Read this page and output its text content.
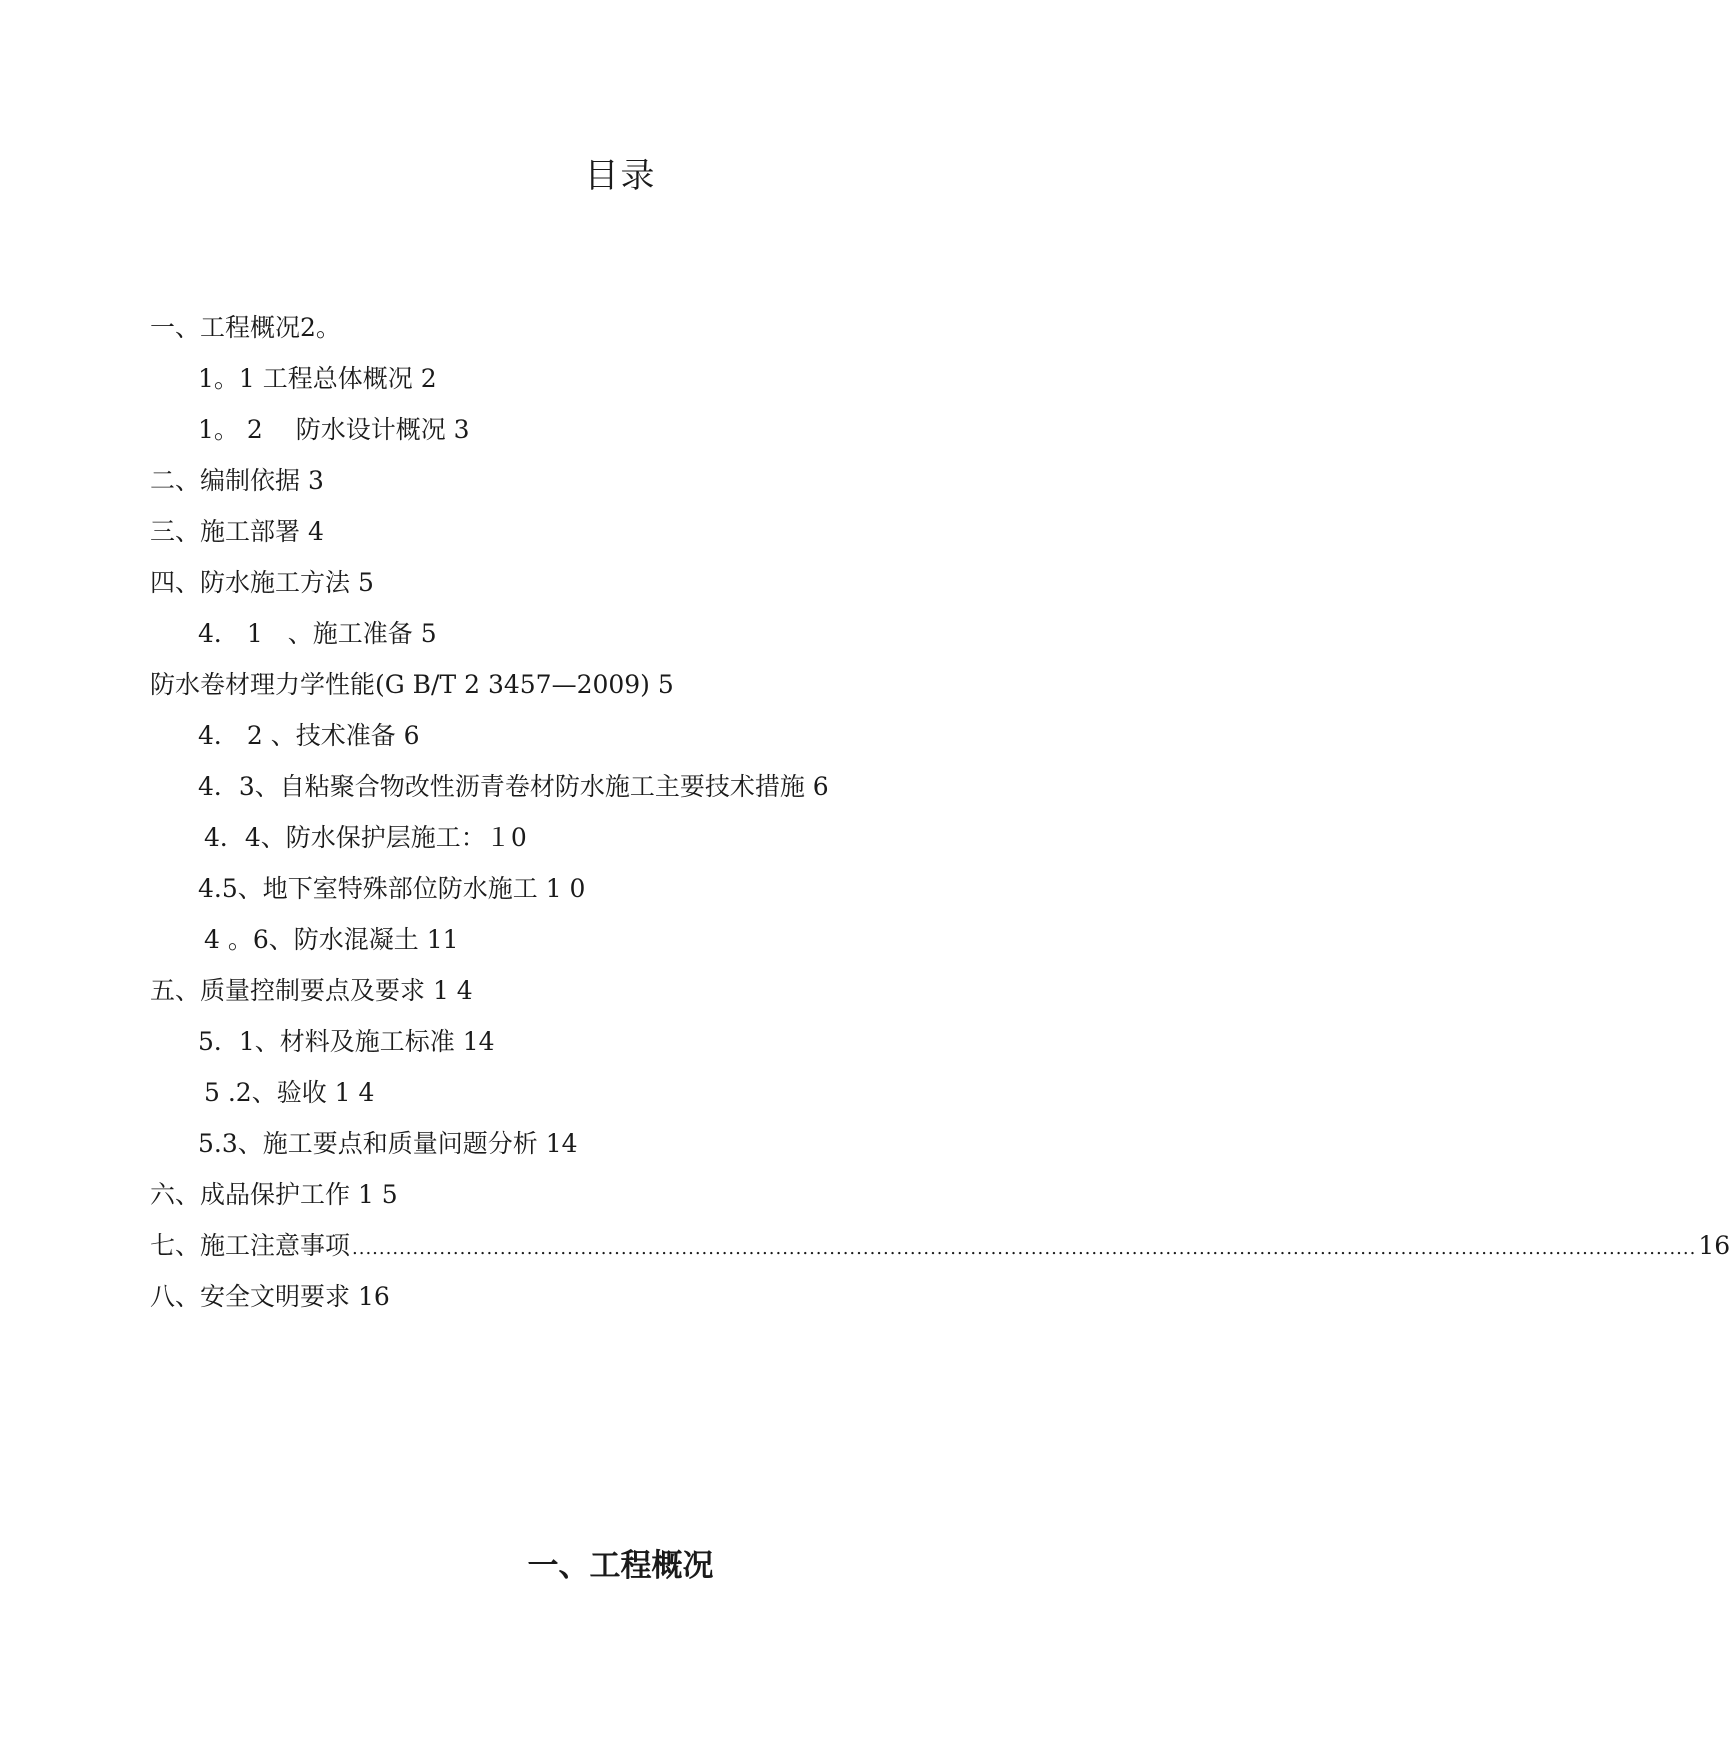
目录
一、工程概况2。
1。1 工程总体概况 2
1。 2　 防水设计概况 3
二、编制依据 3
三、施工部署 4
四、防水施工方法 5
4． 1　、施工准备 5
防水卷材理力学性能(G B/T 2 3457—2009) 5
4． 2 、技术准备 6
4．3、自粘聚合物改性沥青卷材防水施工主要技术措施 6
4．4、防水保护层施工：１0
4.5、地下室特殊部位防水施工 1 0
4 。6、防水混凝土 11
五、质量控制要点及要求 1 4
5．1、材料及施工标准 14
5 .2、验收 1 4
5.3、施工要点和质量问题分析 14
六、成品保护工作 1 5
七、施工注意事项 ........................................................................................................................................................................................................ 16
八、安全文明要求 16
一、工程概况
